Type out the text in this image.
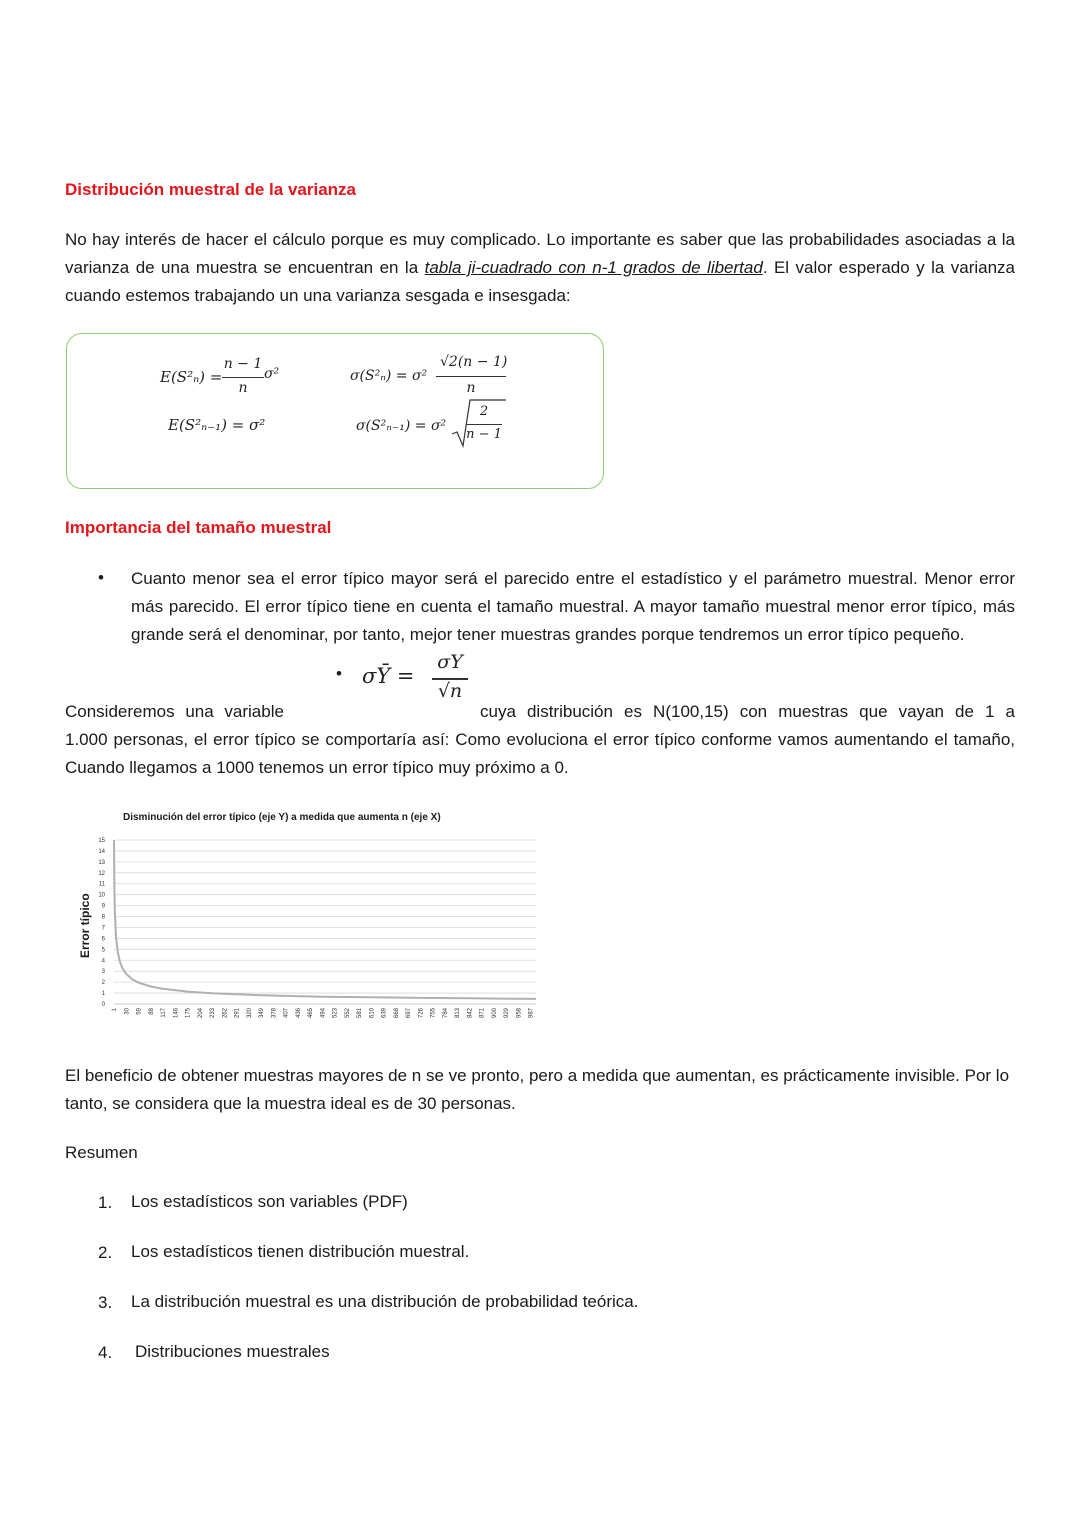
Distribución muestral de la varianza
No hay interés de hacer el cálculo porque es muy complicado. Lo importante es saber que las probabilidades asociadas a la varianza de una muestra se encuentran en la tabla ji-cuadrado con n-1 grados de libertad. El valor esperado y la varianza cuando estemos trabajando un una varianza sesgada e insesgada:
E(S²ₙ) =
n − 1
n
σ²
E(S²ₙ₋₁) = σ²
σ(S²ₙ) = σ²
√2(n − 1)
n
σ(S²ₙ₋₁) = σ²
2
n − 1
Importancia del tamaño muestral
• Cuanto menor sea el error típico mayor será el parecido entre el estadístico y el parámetro muestral. Menor error más parecido. El error típico tiene en cuenta el tamaño muestral. A mayor tamaño muestral menor error típico, más grande será el denominar, por tanto, mejor tener muestras grandes porque tendremos un error típico pequeño.
• σȲ =
σY
√n
Consideremos una variable	cuya distribución es N(100,15) con muestras que vayan de 1 a
1.000 personas, el error típico se comportaría así: Como evoluciona el error típico conforme vamos aumentando el tamaño, Cuando llegamos a 1000 tenemos un error típico muy próximo a 0.
Disminución del error típico (eje Y) a medida que aumenta n (eje X)
Error típico
0
1
2
3
4
5
6
7
8
9
10
11
12
13
14
15
1 30 59 88 117 146 175 204 233 262 291 320 349 378 407 436 465 494 523 552 581 610 639 668 697 726 755 784 813 842 871 900 929 958 987
El beneficio de obtener muestras mayores de n se ve pronto, pero a medida que aumentan, es prácticamente invisible. Por lo tanto, se considera que la muestra ideal es de 30 personas.
Resumen
1. Los estadísticos son variables (PDF)
2. Los estadísticos tienen distribución muestral.
3. La distribución muestral es una distribución de probabilidad teórica.
4. Distribuciones muestrales
